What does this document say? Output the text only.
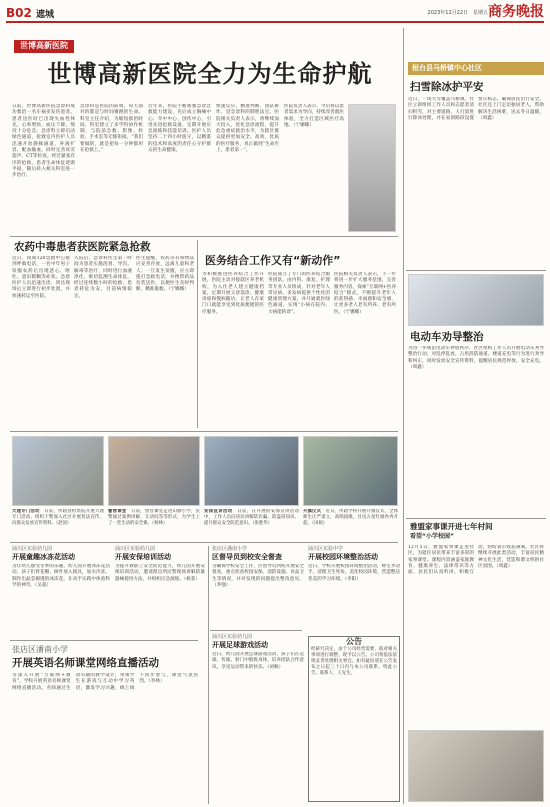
B02 遮城	2023年12月22日　星期五 商务晚报
世博高新医院
世博高新医院全力为生命护航
日前，世博高新医院急诊科成功救治一名车祸多发伤患者。患者送医时已出现失血性休克，心率增快、血压下降，情况十分危急。急诊科立即启动绿色通道，抢救室内医护人员迅速开放静脉通道、补液扩容、配血输血，同时完善床旁超声、CT等检查。经过紧张有序的抢救，患者生命体征逐渐平稳，随后转入相关科室进一步治疗。
急诊科是医院的前哨，每天面对的都是与时间赛跑的生命。科室主任介绍，为缩短救治时间，科室建立了多学科协作机制，与院前急救、影像、检验、手术室等无缝衔接。“我们要做的，就是把每一分钟都用在抢救上。”
近年来，医院不断加强急诊急救能力建设，先后成立胸痛中心、卒中中心、创伤中心，引进先进抢救设备，定期开展应急演练和技能培训。医护人员坚持二十四小时值守，以精湛的技术和高度的责任心守护群众的生命健康。
快速反应、精准判断、团队协作，是急诊科的制胜法宝。医院相关负责人表示，将继续加大投入，优化急诊流程，提升危急重症救治水平，为辖区群众提供更加安全、高效、优质的医疗服务，真正做到“生命至上，患者第一”。
医院负责人表示，今后将以患者需求为导向，持续改善就医体验，全力打造区域医疗高地。（宁娜娜）
农药中毒患者获医院紧急抢救
近日，夜间120急救中心接到呼救电话，一名中年男子误服农药后出现恶心、呕吐、意识模糊等症状。急诊医护人员迅速出诊，到达现场后立即进行初步处置，并快速转运至医院。
入院后，急诊科医生第一时间为患者实施洗胃、导泻、解毒等治疗，同时进行血液净化，密切监测生命体征。经过连续数小时的抢救，患者转危为安，目前病情稳定。
医生提醒，农药等有毒物品应妥善存放，远离儿童和老人；一旦发生误服，应立即拨打急救电话，并携带药品包装送医，以便医生及时判断、精准施救。（宁娜娜）
医务结合工作又有“新动作”
为积极推进医养结合工作开展，医院主动对接辖区养老机构，为入住老人建立健康档案，定期开展义诊巡诊、健康讲座和慢病随访，让老人在家门口就能享受到优质便捷的医疗服务。
医院成立了专门的医养结合服务团队，由内科、康复、护理等专业人员组成，针对老年人常见病、多发病提供个性化的健康管理方案，并开通就医绿色通道，实现“小病在院内、大病能转诊”。
医院相关负责人表示，下一步将进一步扩大服务范围，完善服务内容，探索“互联网+医养结合”模式，不断提升老年人的获得感、幸福感和安全感，让更多老人老有所养、老有所医。（宁娜娜）
大理专门活动　 日前，所辖县检察院开展大理专门活动，组织干警深入社区开展普法宣传，向群众发放宣传资料。（赵国）
警营课堂　 日前，警营课堂走进山脉小学，民警通过案例讲解、互动问答等形式，为学生上了一堂生动的安全课。（杨林）
安保宣讲活动　 日前，在开展的安保宣讲活动中，工作人员向居民讲解防诈骗、防盗窃知识，提升群众安全防范意识。（张胜华）
升旗仪式　 近日，所辖学校开展升旗仪式，全体师生庄严肃立，高唱国歌，目送五星红旗冉冉升起。（田娟）
涌川区实验幼儿园
开展童趣冰冻花活动
为让幼儿感受冬季的乐趣，幼儿园开展冰冻花活动。孩子们将花瓣、树叶放入模具，加水冷冻，制作出晶莹剔透的冰冻花，在动手实践中体验科学的神奇。（吴超）
张店区潘南小学
开展英语名师课堂网络直播活动
为深入开展“互联网+教育”，学校开展英语名师课堂网络直播活动。名师通过生动有趣的教学设计，带领学生在游戏与互动中学习英语，激发学习兴趣，线上线下同步参与，课堂气氛热烈。（李林）
涌川区实验幼儿园
开展安保培训活动
为提升教职工安全防范能力，幼儿园开展安保培训活动，邀请派出所民警现场讲解防暴器械使用方法，并组织应急演练。（杨菲）
张店区潘南小学
区督导员到校安全督查
为确保学校安全工作，区督导员到校开展安全督查，重点检查校园安保、消防设施、食品卫生等情况，并对发现的问题提出整改意见。（李强）
涌川区实验幼儿园
开展足球游戏活动
近日，幼儿园开展足球游戏活动，孩子们在运球、传球、射门中锻炼身体，培养团队合作意识，享受运动带来的快乐。（刘畅）
涌川区实验中学
开展校园环境整治活动
近日，学校开展校园环境整治活动，师生齐动手，清理卫生死角，美化校园环境，营造整洁优美的学习环境。（李阳）
公告
经研究决定，由于公司经营需要，拟对相关事项进行调整，现予以公告。公司将依法依规妥善处理相关事宜，如有疑问请在公告发布之日起三十日内与本公司联系。特此公告。联系人：王先生。
桓台县马桥镇中心社区
扫雪除冰护平安
近日，一场大雪覆盖马桥镇，社区立即组织工作人员和志愿者清扫积雪，对主要道路、人行道进行除冰处理，并在易滑路段设置警示标志，确保居民出行安全。社区还上门走访独居老人，帮助解决生活困难，送去冬日温暖。（周鑫）
电动车劝导整治
为进一步规范电动车停放秩序，社区组织工作人员开展电动车劝导整治行动，对乱停乱放、占用消防通道、楼道充电等行为进行劝导和纠正，同时发放安全宣传资料，提醒居民规范停放、安全充电。（周鑫）
雅盟家事课开进七年村间
看望“小学校园”
12月5日，雅盟家事课走进社区，为辖区居民带来丰富多彩的家事课堂。课程内容涵盖家庭教育、健康养生、法律常识等方面，居民们认真听讲、积极互动，纷纷表示收获满满。社区将继续开展此类活动，丰富居民精神文化生活，营造和谐文明的社区氛围。（周鑫）
